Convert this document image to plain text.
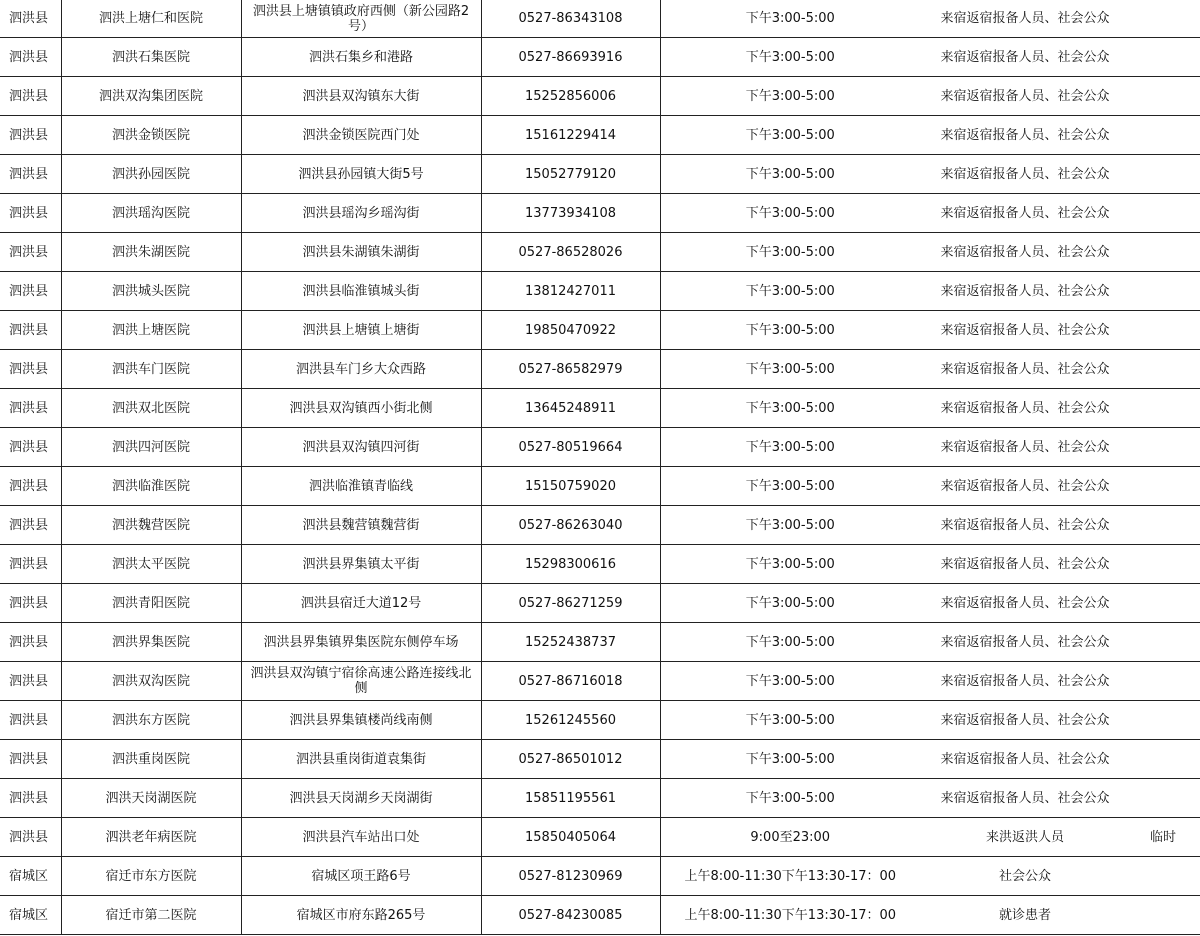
泗洪县	泗洪上塘仁和医院	泗洪县上塘镇镇政府西侧（新公园路2号）	0527-86343108	下午3:00-5:00	来宿返宿报备人员、社会公众	
泗洪县	泗洪石集医院	泗洪石集乡和港路	0527-86693916	下午3:00-5:00	来宿返宿报备人员、社会公众	
泗洪县	泗洪双沟集团医院	泗洪县双沟镇东大街	15252856006	下午3:00-5:00	来宿返宿报备人员、社会公众	
泗洪县	泗洪金锁医院	泗洪金锁医院西门处	15161229414	下午3:00-5:00	来宿返宿报备人员、社会公众	
泗洪县	泗洪孙园医院	泗洪县孙园镇大街5号	15052779120	下午3:00-5:00	来宿返宿报备人员、社会公众	
泗洪县	泗洪瑶沟医院	泗洪县瑶沟乡瑶沟街	13773934108	下午3:00-5:00	来宿返宿报备人员、社会公众	
泗洪县	泗洪朱湖医院	泗洪县朱湖镇朱湖街	0527-86528026	下午3:00-5:00	来宿返宿报备人员、社会公众	
泗洪县	泗洪城头医院	泗洪县临淮镇城头街	13812427011	下午3:00-5:00	来宿返宿报备人员、社会公众	
泗洪县	泗洪上塘医院	泗洪县上塘镇上塘街	19850470922	下午3:00-5:00	来宿返宿报备人员、社会公众	
泗洪县	泗洪车门医院	泗洪县车门乡大众西路	0527-86582979	下午3:00-5:00	来宿返宿报备人员、社会公众	
泗洪县	泗洪双北医院	泗洪县双沟镇西小街北侧	13645248911	下午3:00-5:00	来宿返宿报备人员、社会公众	
泗洪县	泗洪四河医院	泗洪县双沟镇四河街	0527-80519664	下午3:00-5:00	来宿返宿报备人员、社会公众	
泗洪县	泗洪临淮医院	泗洪临淮镇青临线	15150759020	下午3:00-5:00	来宿返宿报备人员、社会公众	
泗洪县	泗洪魏营医院	泗洪县魏营镇魏营街	0527-86263040	下午3:00-5:00	来宿返宿报备人员、社会公众	
泗洪县	泗洪太平医院	泗洪县界集镇太平街	15298300616	下午3:00-5:00	来宿返宿报备人员、社会公众	
泗洪县	泗洪青阳医院	泗洪县宿迁大道12号	0527-86271259	下午3:00-5:00	来宿返宿报备人员、社会公众	
泗洪县	泗洪界集医院	泗洪县界集镇界集医院东侧停车场	15252438737	下午3:00-5:00	来宿返宿报备人员、社会公众	
泗洪县	泗洪双沟医院	泗洪县双沟镇宁宿徐高速公路连接线北侧	0527-86716018	下午3:00-5:00	来宿返宿报备人员、社会公众	
泗洪县	泗洪东方医院	泗洪县界集镇楼尚线南侧	15261245560	下午3:00-5:00	来宿返宿报备人员、社会公众	
泗洪县	泗洪重岗医院	泗洪县重岗街道袁集街	0527-86501012	下午3:00-5:00	来宿返宿报备人员、社会公众	
泗洪县	泗洪天岗湖医院	泗洪县天岗湖乡天岗湖街	15851195561	下午3:00-5:00	来宿返宿报备人员、社会公众	
泗洪县	泗洪老年病医院	泗洪县汽车站出口处	15850405064	9:00至23:00	来洪返洪人员	临时
宿城区	宿迁市东方医院	宿城区项王路6号	0527-81230969	上午8:00-11:30下午13:30-17：00	社会公众	
宿城区	宿迁市第二医院	宿城区市府东路265号	0527-84230085	上午8:00-11:30下午13:30-17：00	就诊患者	
